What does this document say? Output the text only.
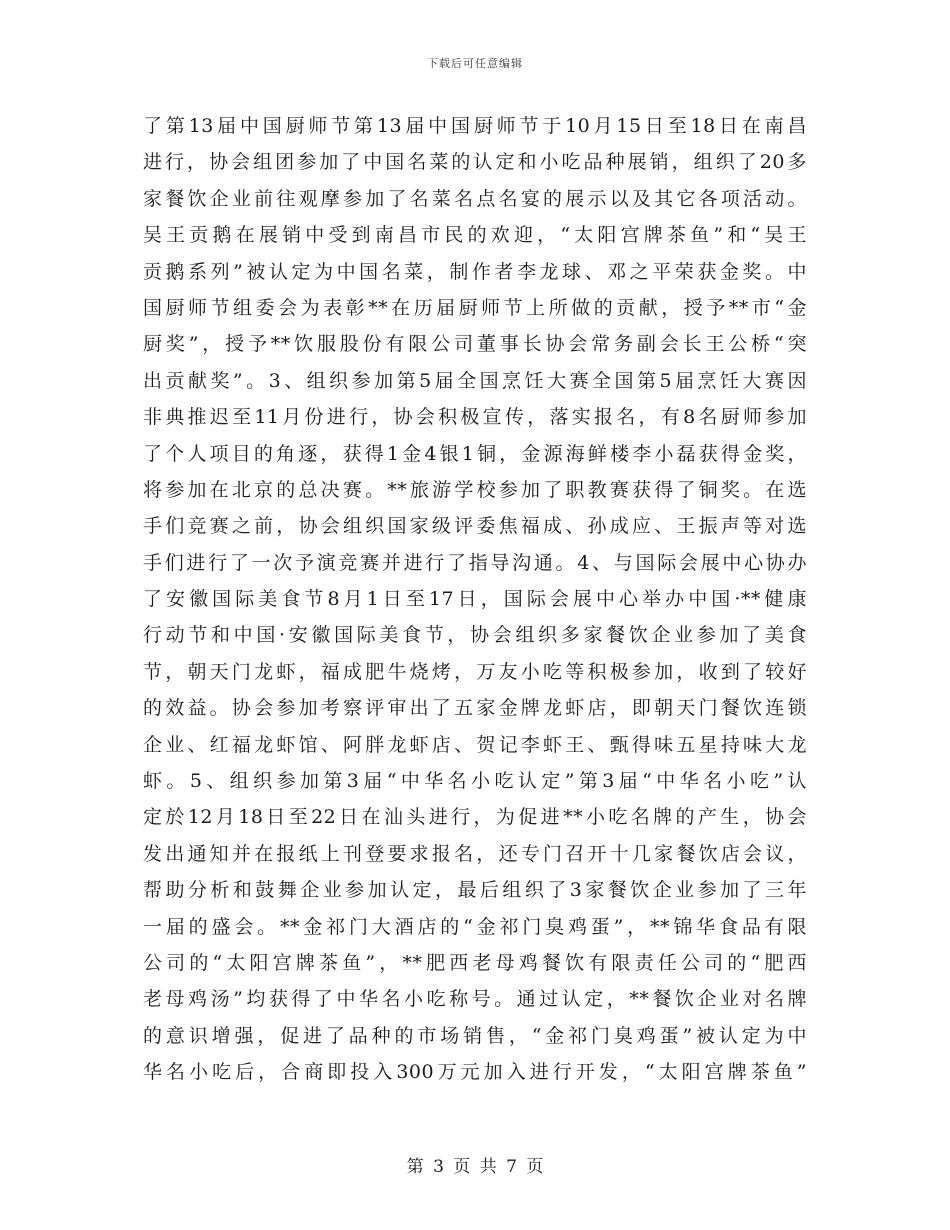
下载后可任意编辑
了第13届中国厨师节第13届中国厨师节于10月15日至18日在南昌
进行，协会组团参加了中国名菜的认定和小吃品种展销，组织了20多
家餐饮企业前往观摩参加了名菜名点名宴的展示以及其它各项活动。
吴王贡鹅在展销中受到南昌市民的欢迎，“太阳宫牌茶鱼”和“吴王
贡鹅系列”被认定为中国名菜，制作者李龙球、邓之平荣获金奖。中
国厨师节组委会为表彰**在历届厨师节上所做的贡献，授予**市“金
厨奖”，授予**饮服股份有限公司董事长协会常务副会长王公桥“突
出贡献奖”。3、组织参加第5届全国烹饪大赛全国第5届烹饪大赛因
非典推迟至11月份进行，协会积极宣传，落实报名，有8名厨师参加
了个人项目的角逐，获得1金4银1铜，金源海鲜楼李小磊获得金奖，
将参加在北京的总决赛。**旅游学校参加了职教赛获得了铜奖。在选
手们竞赛之前，协会组织国家级评委焦福成、孙成应、王振声等对选
手们进行了一次予演竞赛并进行了指导沟通。4、与国际会展中心协办
了安徽国际美食节8月1日至17日，国际会展中心举办中国·**健康
行动节和中国·安徽国际美食节，协会组织多家餐饮企业参加了美食
节，朝天门龙虾，福成肥牛烧烤，万友小吃等积极参加，收到了较好
的效益。协会参加考察评审出了五家金牌龙虾店，即朝天门餐饮连锁
企业、红福龙虾馆、阿胖龙虾店、贺记李虾王、甄得味五星持味大龙
虾。5、组织参加第3届“中华名小吃认定”第3届“中华名小吃”认
定於12月18日至22日在汕头进行，为促进**小吃名牌的产生，协会
发出通知并在报纸上刊登要求报名，还专门召开十几家餐饮店会议，
帮助分析和鼓舞企业参加认定，最后组织了3家餐饮企业参加了三年
一届的盛会。**金祁门大酒店的“金祁门臭鸡蛋”，**锦华食品有限
公司的“太阳宫牌茶鱼”，**肥西老母鸡餐饮有限责任公司的“肥西
老母鸡汤”均获得了中华名小吃称号。通过认定，**餐饮企业对名牌
的意识增强，促进了品种的市场销售，“金祁门臭鸡蛋”被认定为中
华名小吃后，合商即投入300万元加入进行开发，“太阳宫牌茶鱼”
第 3 页 共 7 页
